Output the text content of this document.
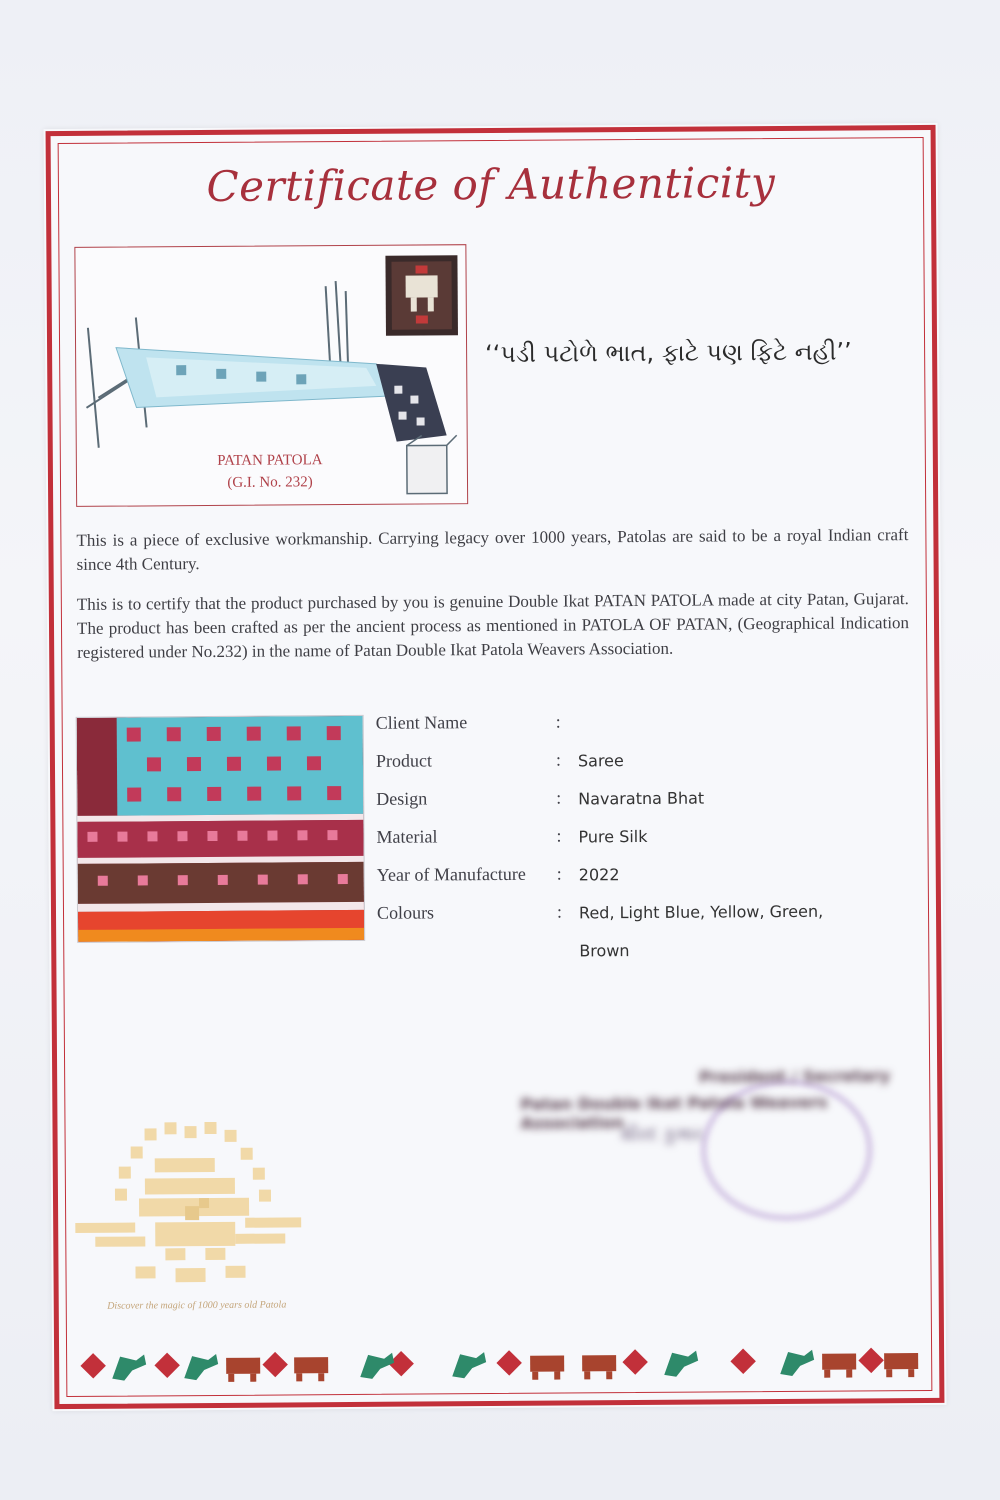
Certificate of Authenticity
PATAN PATOLA
(G.I. No. 232)
‘‘પડી પટોળે ભાત, ફાટે પણ ફિટે નહી’’
This is a piece of exclusive workmanship. Carrying legacy over 1000 years, Patolas are said to be a royal Indian craft since 4th Century.
This is to certify that the product purchased by you is genuine Double Ikat PATAN PATOLA made at city Patan, Gujarat. The product has been crafted as per the ancient process as mentioned in PATOLA OF PATAN, (Geographical Indication registered under No.232) in the name of Patan Double Ikat Patola Weavers Association.
Client Name	:
Product	: Saree
Design	: Navaratna Bhat
Material	: Pure Silk
Year of Manufacture : 2022
Colours	: Red, Light Blue, Yellow, Green, Brown
President / Secretary
Patan Double Ikat Patola Weavers Association
ક્ષીરદ કુમાર
Discover the magic of 1000 years old Patola
